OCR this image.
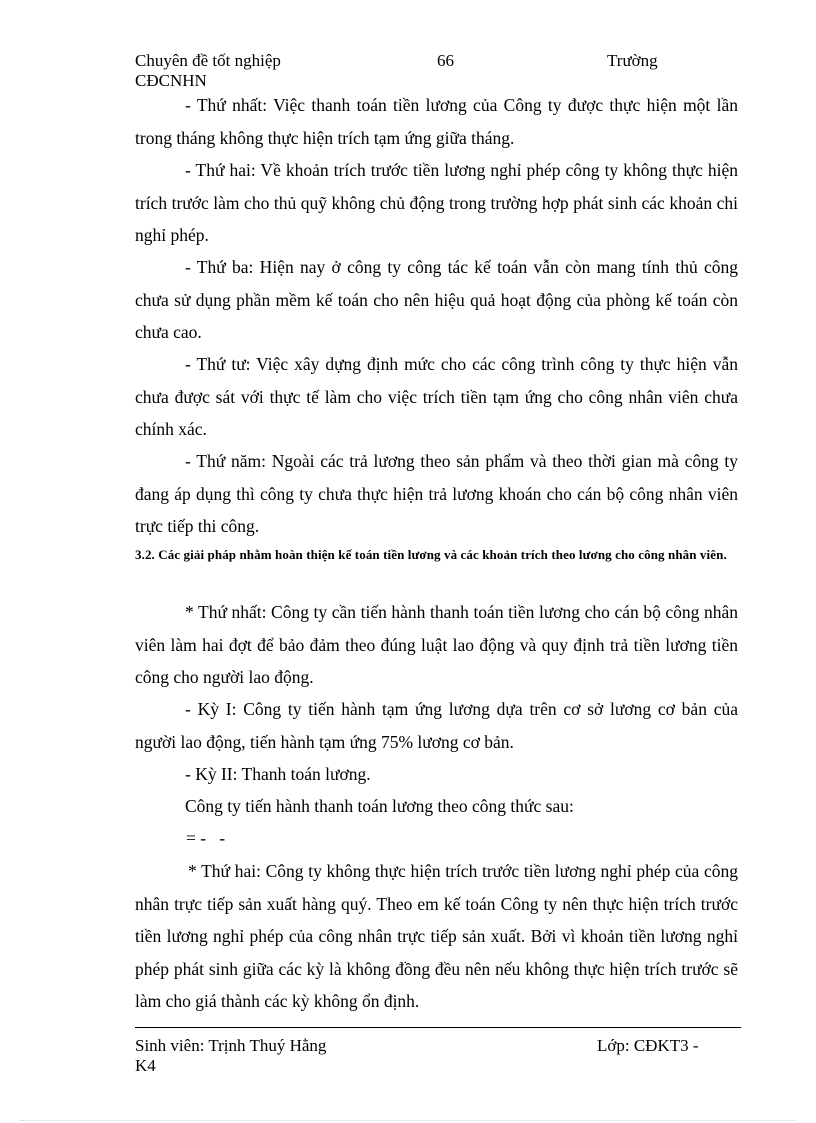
Chuyên đề tốt nghiệp	66	Trường
CĐCNHN
- Thứ nhất: Việc thanh toán tiền lương của Công ty được thực hiện một lần trong tháng không thực hiện trích tạm ứng giữa tháng.
- Thứ hai: Về khoản trích trước tiền lương nghỉ phép công ty không thực hiện trích trước làm cho thủ quỹ không chủ động trong trường hợp phát sinh các khoản chi nghỉ phép.
- Thứ ba: Hiện nay ở công ty công tác kế toán vẫn còn mang tính thủ công chưa sử dụng phần mềm kế toán cho nên hiệu quả hoạt động của phòng kế toán còn chưa cao.
- Thứ tư: Việc xây dựng định mức cho các công trình công ty thực hiện vẫn chưa được sát với thực tế làm cho việc trích tiền tạm ứng cho công nhân viên chưa chính xác.
- Thứ năm: Ngoài các trả lương theo sản phẩm và theo thời gian mà công ty đang áp dụng thì công ty chưa thực hiện trả lương khoán cho cán bộ công nhân viên trực tiếp thi công.
3.2. Các giải pháp nhằm hoàn thiện kế toán tiền lương và các khoản trích theo lương cho công nhân viên.
* Thứ nhất: Công ty cần tiến hành thanh toán tiền lương cho cán bộ công nhân viên làm hai đợt để bảo đảm theo đúng luật lao động và quy định trả tiền lương tiền công cho người lao động.
- Kỳ I: Công ty tiến hành tạm ứng lương dựa trên cơ sở lương cơ bản của người lao động, tiến hành tạm ứng 75% lương cơ bản.
- Kỳ II: Thanh toán lương.
Công ty tiến hành thanh toán lương theo công thức sau:
= -   -
* Thứ hai: Công ty không thực hiện trích trước tiền lương nghỉ phép của công nhân trực tiếp sản xuất hàng quý. Theo em kế toán Công ty nên thực hiện trích trước tiền lương nghỉ phép của công nhân trực tiếp sản xuất. Bởi vì khoản tiền lương nghỉ phép phát sinh giữa các kỳ là không đồng đều nên nếu không thực hiện trích trước sẽ làm cho giá thành các kỳ không ổn định.
Sinh viên: Trịnh Thuý Hằng	Lớp: CĐKT3 -
K4
